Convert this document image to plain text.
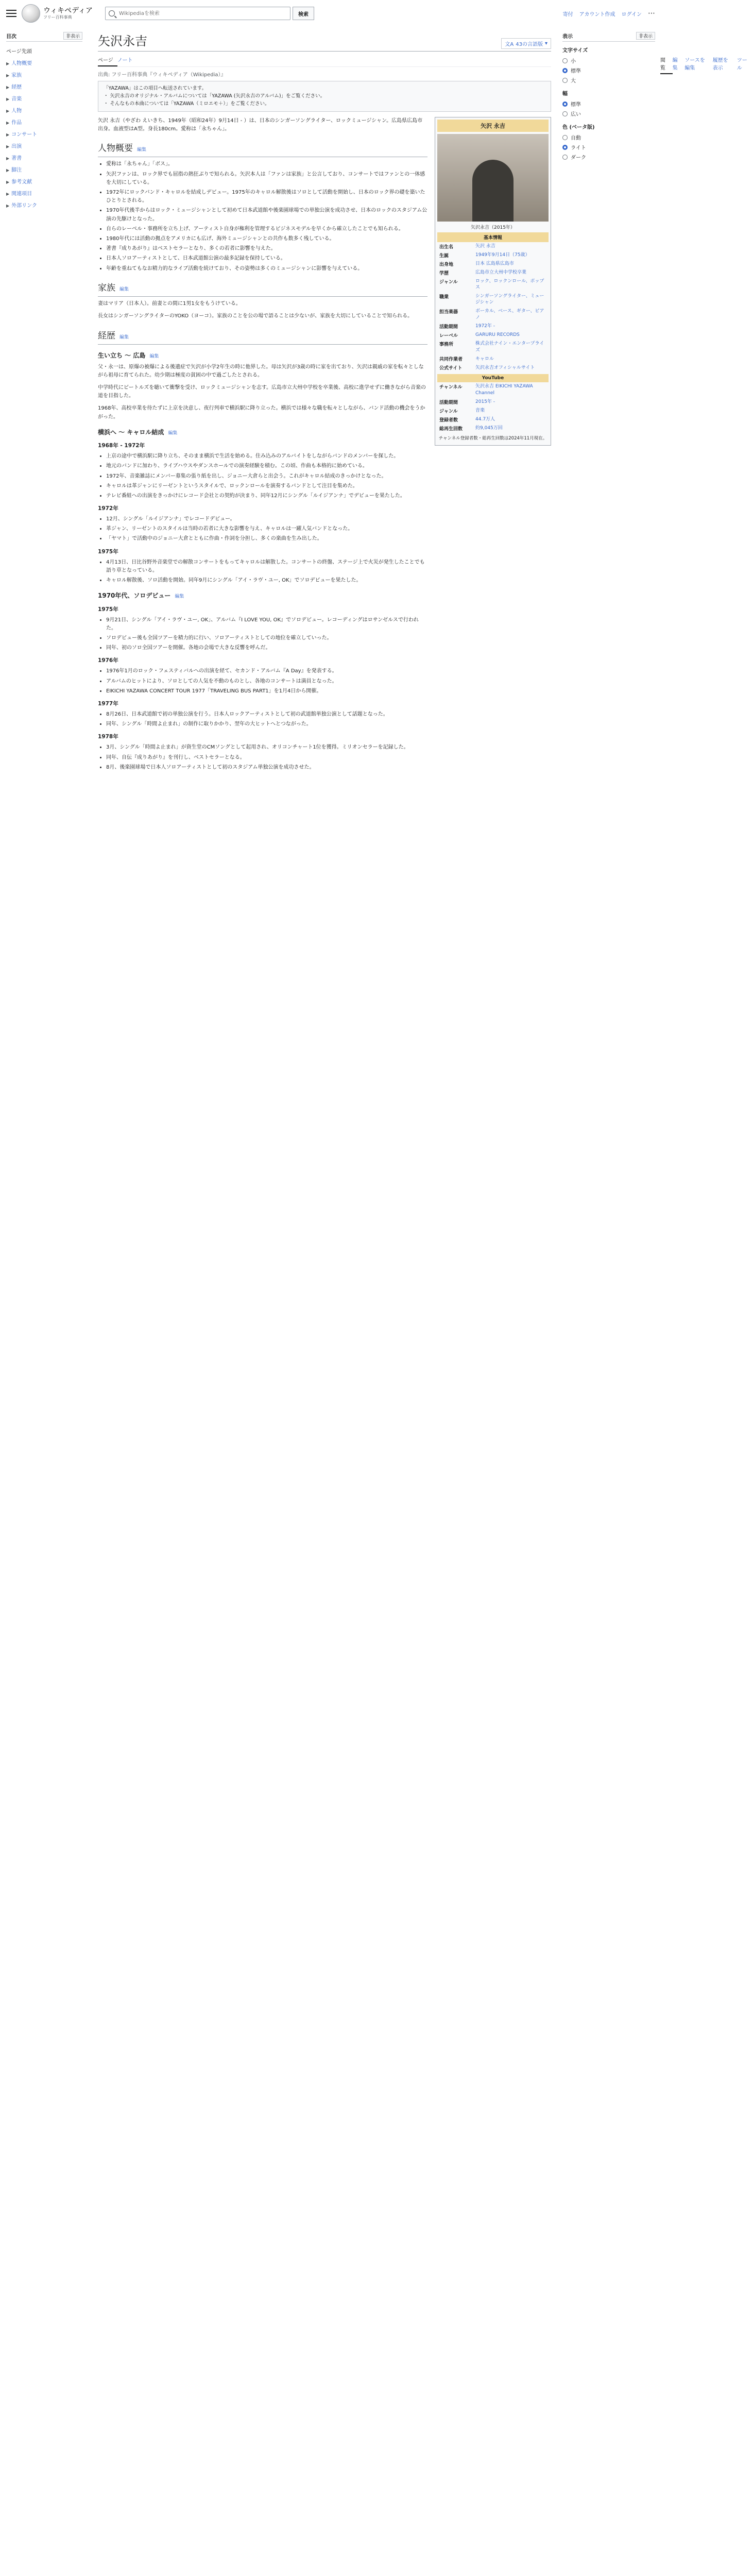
ウィキペディア
フリー百科事典
Wikipediaを検索
検索	寄付 アカウント作成 ログイン ⋯
目次	非表示
ページ先頭
▶ 人物概要
▶ 家族
▶ 経歴
▶ 音楽
▶ 人物
▶ 作品
▶ コンサート
▶ 出演
▶ 著書
▶ 脚注
▶ 参考文献
▶ 関連項目
▶ 外部リンク
矢沢永吉	文A 43の言語版 ▾
ページ ノート	閲覧
編集
ソースを編集
履歴を表示
ツール
出典: フリー百科事典『ウィキペディア（Wikipedia）』
「YAZAWA」はこの項目へ転送されています。
・ 矢沢永吉のオリジナル・アルバムについては「YAZAWA (矢沢永吉のアルバム)」をご覧ください。
・ そんなもの本曲については「YAZAWA（ミロエモ＋）」をご覧ください。

矢沢 永吉（やざわ えいきち、1949年（昭和24年）9月14日 - ）は、日本のシンガーソングライター、ロックミュージシャン。広島県広島市出身。血液型はA型。身長180cm。愛称は「永ちゃん」。

人物概要 編集
• 愛称は「永ちゃん」「ボス」。
• 矢沢ファンは、ロック界でも屈指の熱狂ぶりで知られる。矢沢本人は「ファンは家族」と公言しており、コンサートではファンとの一体感を大切にしている。
• 1972年にロックバンド・キャロルを結成しデビュー。1975年のキャロル解散後はソロとして活動を開始し、日本のロック界の礎を築いたひとりとされる。
• 1970年代後半からはロック・ミュージシャンとして初めて日本武道館や後楽園球場での単独公演を成功させ、日本のロックのスタジアム公演の先駆けとなった。
• 自らのレーベル・事務所を立ち上げ、アーティスト自身が権利を管理するビジネスモデルを早くから確立したことでも知られる。
• 1980年代には活動の拠点をアメリカにも広げ、海外ミュージシャンとの共作も数多く残している。
• 著書『成りあがり』はベストセラーとなり、多くの若者に影響を与えた。
• 日本人ソロアーティストとして、日本武道館公演の最多記録を保持している。
• 年齢を重ねてもなお精力的なライブ活動を続けており、その姿勢は多くのミュージシャンに影響を与えている。
家族 編集

妻はマリア（日本人）。前妻との間に1男1女をもうけている。

長女はシンガーソングライターのYOKO（ヨーコ）。家族のことを公の場で語ることは少ないが、家族を大切にしていることで知られる。

経歴 編集
生い立ち ～ 広島 編集

父・永一は、原爆の被爆による後遺症で矢沢が小学2年生の時に他界した。母は矢沢が3歳の時に家を出ており、矢沢は親戚の家を転々としながら祖母に育てられた。幼少期は極度の貧困の中で過ごしたとされる。

中学時代にビートルズを聴いて衝撃を受け、ロックミュージシャンを志す。広島市立大州中学校を卒業後、高校に進学せずに働きながら音楽の道を目指した。

1968年、高校卒業を待たずに上京を決意し、夜行列車で横浜駅に降り立った。横浜では様々な職を転々としながら、バンド活動の機会をうかがった。

横浜へ ～ キャロル結成 編集
1968年 - 1972年
• 上京の途中で横浜駅に降り立ち、そのまま横浜で生活を始める。住み込みのアルバイトをしながらバンドのメンバーを探した。
• 地元のバンドに加わり、ライブハウスやダンスホールでの演奏経験を積む。この頃、作曲も本格的に始めている。
• 1972年、音楽雑誌にメンバー募集の張り紙を出し、ジョニー大倉らと出会う。これがキャロル結成のきっかけとなった。
• キャロルは革ジャンにリーゼントというスタイルで、ロックンロールを演奏するバンドとして注目を集めた。
• テレビ番組への出演をきっかけにレコード会社との契約が決まり、同年12月にシングル「ルイジアンナ」でデビューを果たした。
1972年
• 12月、シングル「ルイジアンナ」でレコードデビュー。
• 革ジャン、リーゼントのスタイルは当時の若者に大きな影響を与え、キャロルは一躍人気バンドとなった。
• 「ヤマト」で活動中のジョニー大倉とともに作曲・作詞を分担し、多くの楽曲を生み出した。
1975年
• 4月13日、日比谷野外音楽堂での解散コンサートをもってキャロルは解散した。コンサートの終盤、ステージ上で火災が発生したことでも語り草となっている。
• キャロル解散後、ソロ活動を開始。同年9月にシングル「アイ・ラヴ・ユー, OK」でソロデビューを果たした。
1970年代、ソロデビュー 編集
1975年
• 9月21日、シングル「アイ・ラヴ・ユー, OK」、アルバム『I LOVE YOU, OK』でソロデビュー。レコーディングはロサンゼルスで行われた。
• ソロデビュー後も全国ツアーを精力的に行い、ソロアーティストとしての地位を確立していった。
• 同年、初のソロ全国ツアーを開催。各地の会場で大きな反響を呼んだ。
1976年
• 1976年1月のロック・フェスティバルへの出演を経て、セカンド・アルバム『A Day』を発表する。
• アルバムのヒットにより、ソロとしての人気を不動のものとし、各地のコンサートは満員となった。
• EIKICHI YAZAWA CONCERT TOUR 1977「TRAVELING BUS PART1」を1月4日から開催。
1977年
• 8月26日、日本武道館で初の単独公演を行う。日本人ロックアーティストとして初の武道館単独公演として話題となった。
• 同年、シングル「時間よ止まれ」の制作に取りかかり、翌年の大ヒットへとつながった。
1978年
• 3月、シングル「時間よ止まれ」が資生堂のCMソングとして起用され、オリコンチャート1位を獲得。ミリオンセラーを記録した。
• 同年、自伝『成りあがり』を刊行し、ベストセラーとなる。
• 8月、後楽園球場で日本人ソロアーティストとして初のスタジアム単独公演を成功させた。
矢沢 永吉
矢沢永吉（2015年）
基本情報
出生名	矢沢 永吉
生誕	1949年9月14日（75歳）
出身地	日本 広島県広島市
学歴	広島市立大州中学校卒業
ジャンル	ロック、ロックンロール、ポップス
職業	シンガーソングライター、ミュージシャン
担当楽器	ボーカル、ベース、ギター、ピアノ
活動期間	1972年 -
レーベル	GARURU RECORDS
事務所	株式会社ナイン・エンタープライズ
共同作業者	キャロル
公式サイト	矢沢永吉オフィシャルサイト
YouTube
チャンネル	矢沢永吉 EIKICHI YAZAWA Channel
活動期間	2015年 -
ジャンル	音楽
登録者数	44.7万人
総再生回数	約9,045万回
チャンネル登録者数・総再生回数は2024年11月現在。
表示	非表示
文字サイズ
小
標準
大
幅
標準
広い
色 (ベータ版)
自動
ライト
ダーク
